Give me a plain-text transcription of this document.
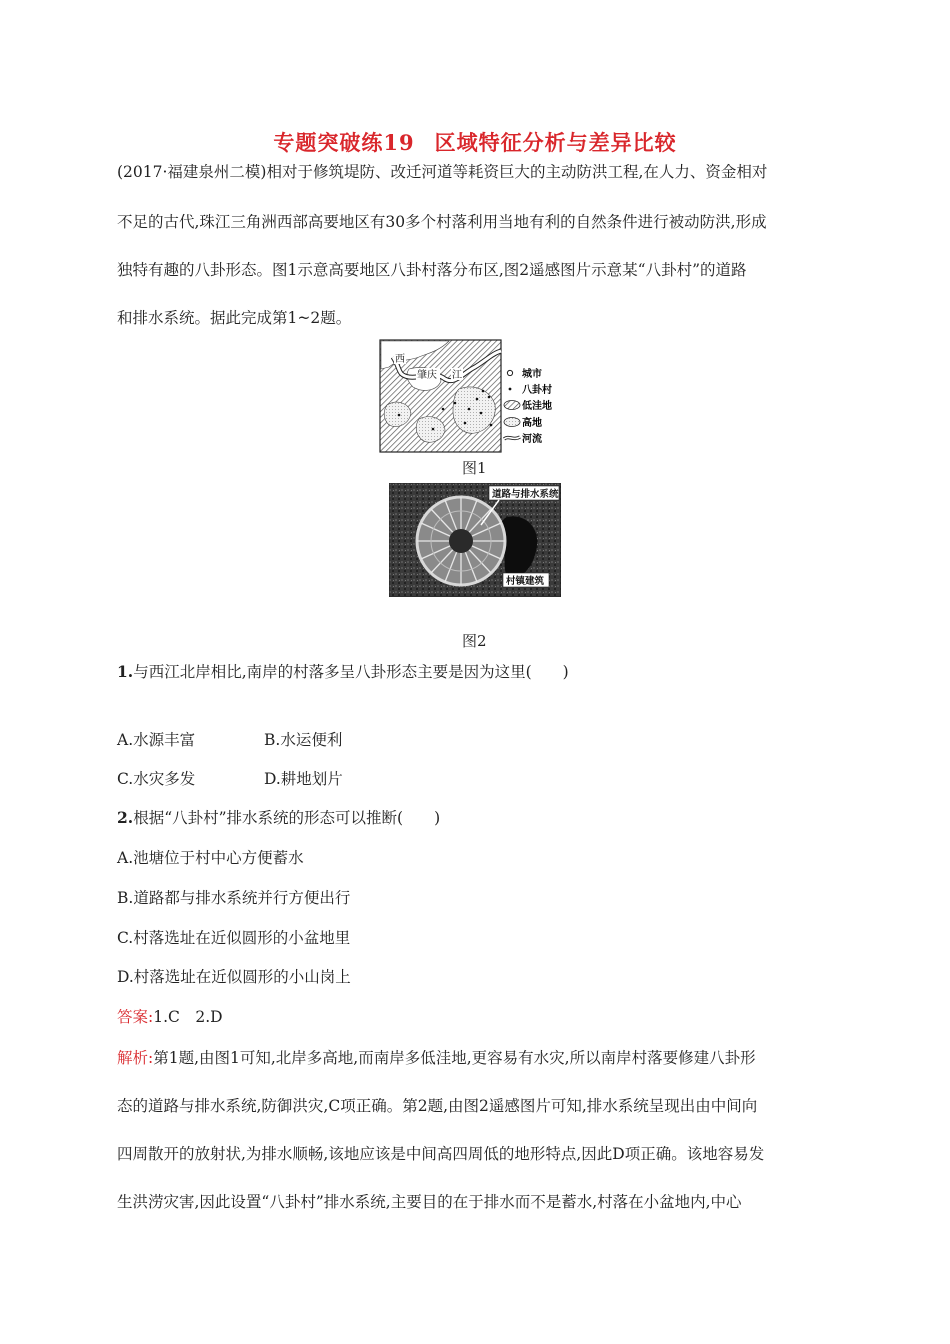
专题突破练19 区域特征分析与差异比较
(2017·福建泉州二模)相对于修筑堤防、改迁河道等耗资巨大的主动防洪工程,在人力、资金相对
不足的古代,珠江三角洲西部高要地区有30多个村落利用当地有利的自然条件进行被动防洪,形成
独特有趣的八卦形态。图1示意高要地区八卦村落分布区,图2遥感图片示意某“八卦村”的道路
和排水系统。据此完成第1~2题。
西
肇庆 江	城市
八卦村
低洼地
高地
河流
图1
道路与排水系统
村镇建筑
图2
1.与西江北岸相比,南岸的村落多呈八卦形态主要是因为这里(　　)
A.水源丰富	B.水运便利
C.水灾多发	D.耕地划片
2.根据“八卦村”排水系统的形态可以推断(　　)
A.池塘位于村中心方便蓄水
B.道路都与排水系统并行方便出行
C.村落选址在近似圆形的小盆地里
D.村落选址在近似圆形的小山岗上
答案:1.C　2.D
解析:第1题,由图1可知,北岸多高地,而南岸多低洼地,更容易有水灾,所以南岸村落要修建八卦形
态的道路与排水系统,防御洪灾,C项正确。第2题,由图2遥感图片可知,排水系统呈现出由中间向
四周散开的放射状,为排水顺畅,该地应该是中间高四周低的地形特点,因此D项正确。该地容易发
生洪涝灾害,因此设置“八卦村”排水系统,主要目的在于排水而不是蓄水,村落在小盆地内,中心
